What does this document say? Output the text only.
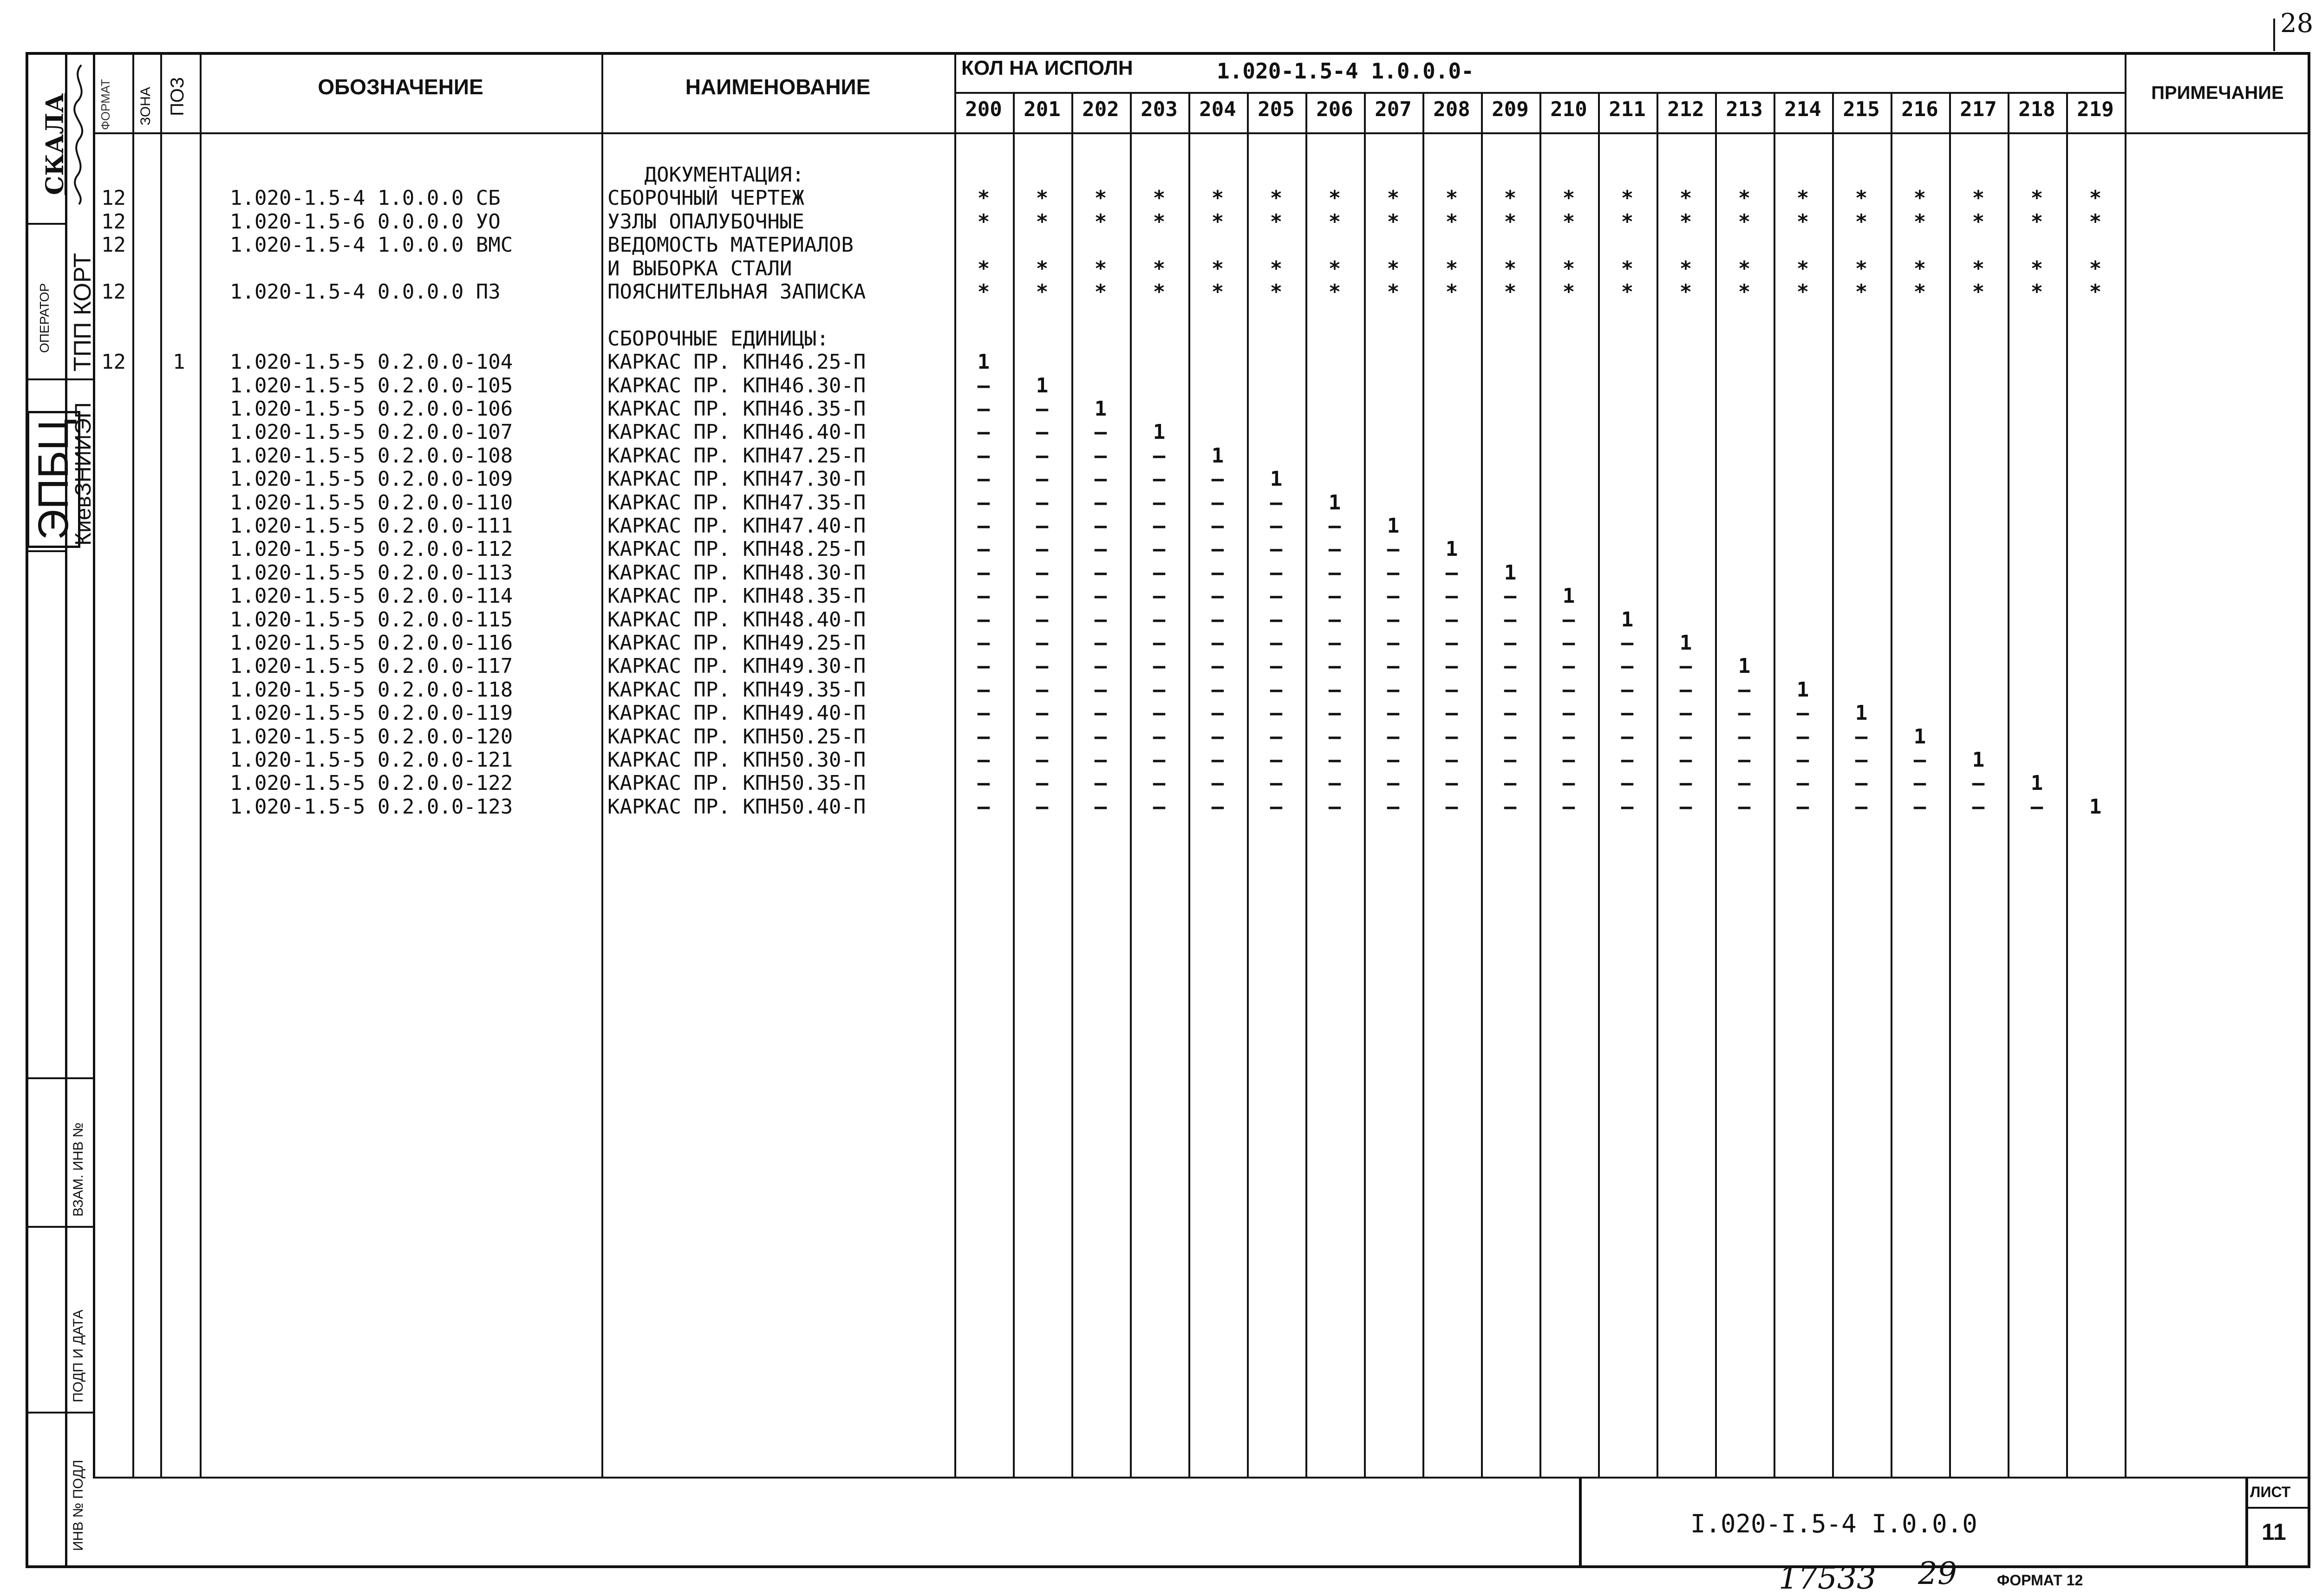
28
ФОРМАТ ЗОНА ПОЗ	ОБОЗНАЧЕНИЕ	НАИМЕНОВАНИЕ
КОЛ НА ИСПОЛН	1.020-1.5-4 1.0.0.0-
ПРИМЕЧАНИЕ
200	201	202	203	204	205	206	207	208	209	210	211	212	213	214	215	216	217	218	219
СКАЛА
ОПЕРАТОР ТПП КОРТ
ЭПБЦ
КиевЗНИИЭП
ВЗАМ. ИНВ №
ПОДП И ДАТА
ИНВ № ПОДЛ
ДОКУМЕНТАЦИЯ:
12	1.020-1.5-4 1.0.0.0 СБ	СБОРОЧНЫЙ ЧЕРТЕЖ	*	*	*	*	*	*	*	*	*	*	*	*	*	*	*	*	*	*	*	*
12	1.020-1.5-6 0.0.0.0 УО	УЗЛЫ ОПАЛУБОЧНЫЕ	*	*	*	*	*	*	*	*	*	*	*	*	*	*	*	*	*	*	*	*
12	1.020-1.5-4 1.0.0.0 ВМС	ВЕДОМОСТЬ МАТЕРИАЛОВ
И ВЫБОРКА СТАЛИ	*	*	*	*	*	*	*	*	*	*	*	*	*	*	*	*	*	*	*	*
12	1.020-1.5-4 0.0.0.0 ПЗ	ПОЯСНИТЕЛЬНАЯ ЗАПИСКА	*	*	*	*	*	*	*	*	*	*	*	*	*	*	*	*	*	*	*	*
СБОРОЧНЫЕ ЕДИНИЦЫ:
12 1 1.020-1.5-5 0.2.0.0-104	КАРКАС ПР. КПН46.25-П	1
1.020-1.5-5 0.2.0.0-105	КАРКАС ПР. КПН46.30-П	–	1
1.020-1.5-5 0.2.0.0-106	КАРКАС ПР. КПН46.35-П	–	–	1
1.020-1.5-5 0.2.0.0-107	КАРКАС ПР. КПН46.40-П	–	–	–	1
1.020-1.5-5 0.2.0.0-108	КАРКАС ПР. КПН47.25-П	–	–	–	–	1
1.020-1.5-5 0.2.0.0-109	КАРКАС ПР. КПН47.30-П	–	–	–	–	–	1
1.020-1.5-5 0.2.0.0-110	КАРКАС ПР. КПН47.35-П	–	–	–	–	–	–	1
1.020-1.5-5 0.2.0.0-111	КАРКАС ПР. КПН47.40-П	–	–	–	–	–	–	–	1
1.020-1.5-5 0.2.0.0-112	КАРКАС ПР. КПН48.25-П	–	–	–	–	–	–	–	–	1
1.020-1.5-5 0.2.0.0-113	КАРКАС ПР. КПН48.30-П	–	–	–	–	–	–	–	–	–	1
1.020-1.5-5 0.2.0.0-114	КАРКАС ПР. КПН48.35-П	–	–	–	–	–	–	–	–	–	–	1
1.020-1.5-5 0.2.0.0-115	КАРКАС ПР. КПН48.40-П	–	–	–	–	–	–	–	–	–	–	–	1
1.020-1.5-5 0.2.0.0-116	КАРКАС ПР. КПН49.25-П	–	–	–	–	–	–	–	–	–	–	–	–	1
1.020-1.5-5 0.2.0.0-117	КАРКАС ПР. КПН49.30-П	–	–	–	–	–	–	–	–	–	–	–	–	–	1
1.020-1.5-5 0.2.0.0-118	КАРКАС ПР. КПН49.35-П	–	–	–	–	–	–	–	–	–	–	–	–	–	–	1
1.020-1.5-5 0.2.0.0-119	КАРКАС ПР. КПН49.40-П	–	–	–	–	–	–	–	–	–	–	–	–	–	–	–	1
1.020-1.5-5 0.2.0.0-120	КАРКАС ПР. КПН50.25-П	–	–	–	–	–	–	–	–	–	–	–	–	–	–	–	–	1
1.020-1.5-5 0.2.0.0-121	КАРКАС ПР. КПН50.30-П	–	–	–	–	–	–	–	–	–	–	–	–	–	–	–	–	–	1
1.020-1.5-5 0.2.0.0-122	КАРКАС ПР. КПН50.35-П	–	–	–	–	–	–	–	–	–	–	–	–	–	–	–	–	–	–	1
1.020-1.5-5 0.2.0.0-123	КАРКАС ПР. КПН50.40-П	–	–	–	–	–	–	–	–	–	–	–	–	–	–	–	–	–	–	–	1
I.020-I.5-4 I.0.0.0
ЛИСТ
11
17533 29	ФОРМАТ 12
